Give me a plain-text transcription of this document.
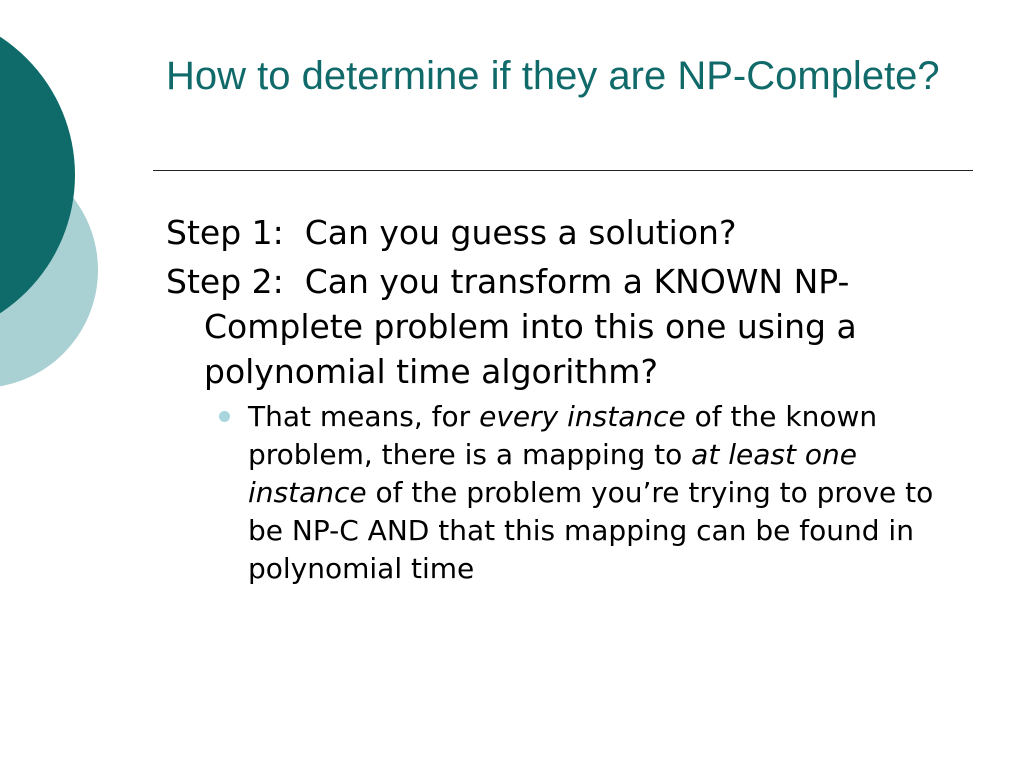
How to determine if they are NP-Complete?
Step 1:  Can you guess a solution?
Step 2:  Can you transform a KNOWN NP-Complete problem into this one using a polynomial time algorithm?
That means, for every instance of the known problem, there is a mapping to at least one instance of the problem you’re trying to prove to be NP-C AND that this mapping can be found in polynomial time
